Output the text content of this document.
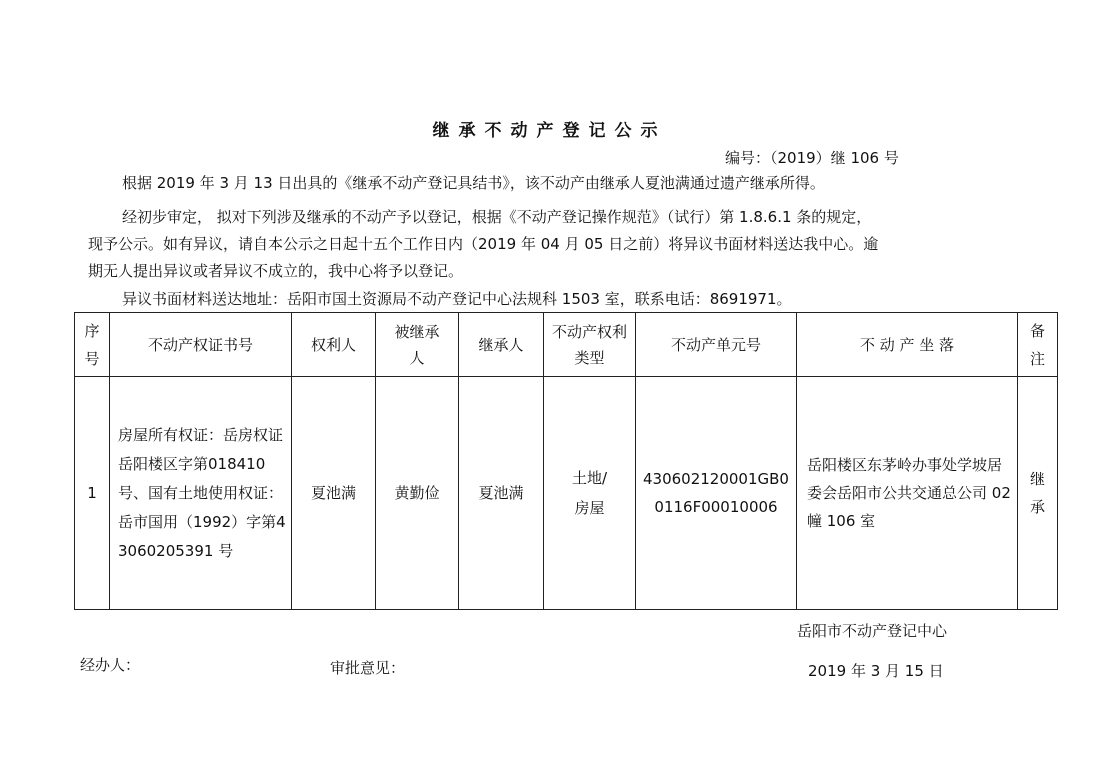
继承不动产登记公示
编号：（2019）继 106 号
根据 2019 年 3 月 13 日出具的《继承不动产登记具结书》，该不动产由继承人夏池满通过遗产继承所得。
经初步审定， 拟对下列涉及继承的不动产予以登记，根据《不动产登记操作规范》（试行）第 1.8.6.1 条的规定，
现予公示。如有异议，请自本公示之日起十五个工作日内（2019 年 04 月 05 日之前）将异议书面材料送达我中心。逾
期无人提出异议或者异议不成立的，我中心将予以登记。
异议书面材料送达地址：岳阳市国土资源局不动产登记中心法规科 1503 室，联系电话：8691971。
序号	不动产权证书号	权利人	被继承人	继承人	不动产权利类型	不动产单元号	不 动 产 坐 落	备注
1	房屋所有权证：岳房权证岳阳楼区字第018410 号、国有土地使用权证：岳市国用（1992）字第43060205391 号	夏池满	黄勤俭	夏池满	土地/房屋	430602120001GB00116F00010006	岳阳楼区东茅岭办事处学坡居委会岳阳市公共交通总公司 02 幢 106 室	继承
岳阳市不动产登记中心
经办人：	审批意见：	2019 年 3 月 15 日
